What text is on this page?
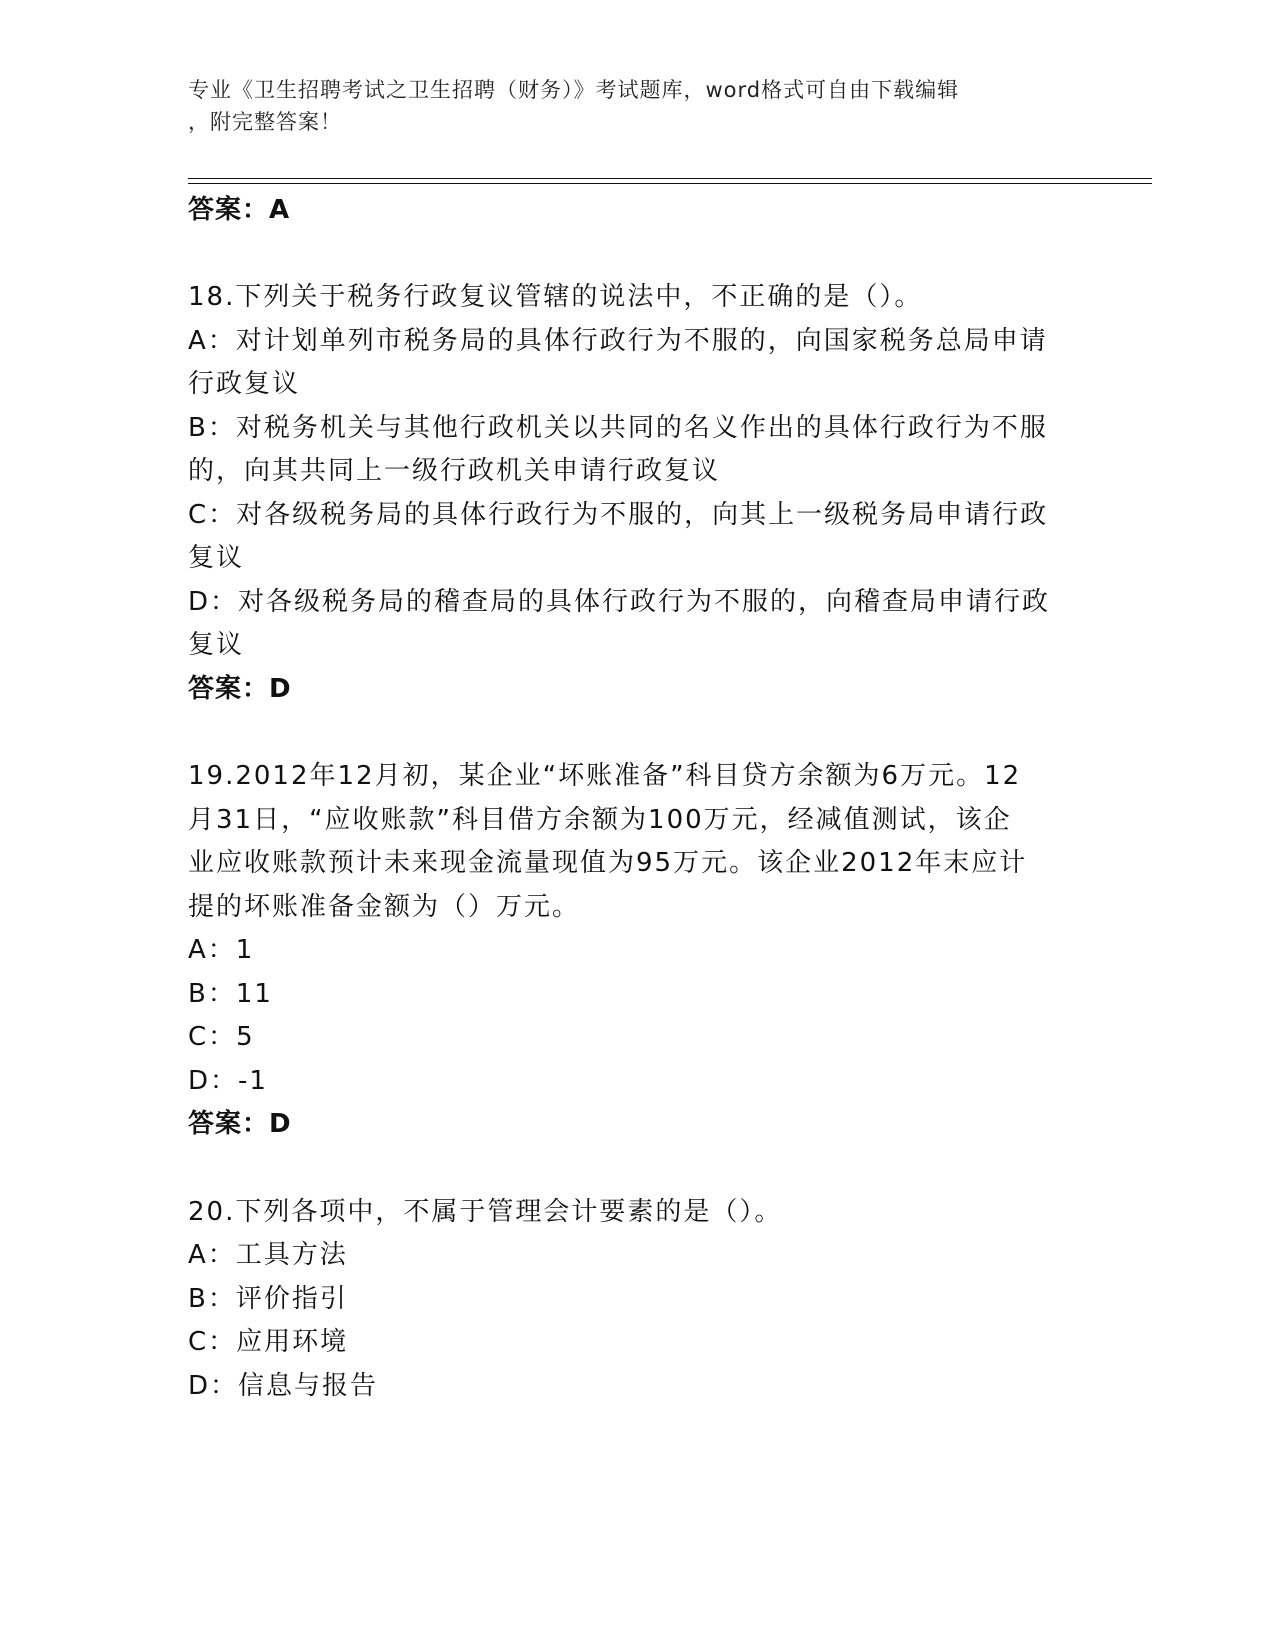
专业《卫生招聘考试之卫生招聘（财务）》考试题库，word格式可自由下载编辑
，附完整答案！
答案：A
18.下列关于税务行政复议管辖的说法中，不正确的是（）。
A：对计划单列市税务局的具体行政行为不服的，向国家税务总局申请
行政复议
B：对税务机关与其他行政机关以共同的名义作出的具体行政行为不服
的，向其共同上一级行政机关申请行政复议
C：对各级税务局的具体行政行为不服的，向其上一级税务局申请行政
复议
D：对各级税务局的稽查局的具体行政行为不服的，向稽查局申请行政
复议
答案：D
19.2012年12月初，某企业“坏账准备”科目贷方余额为6万元。12
月31日，“应收账款”科目借方余额为100万元，经减值测试，该企
业应收账款预计未来现金流量现值为95万元。该企业2012年末应计
提的坏账准备金额为（）万元。
A：1
B：11
C：5
D：-1
答案：D
20.下列各项中，不属于管理会计要素的是（）。
A：工具方法
B：评价指引
C：应用环境
D：信息与报告
